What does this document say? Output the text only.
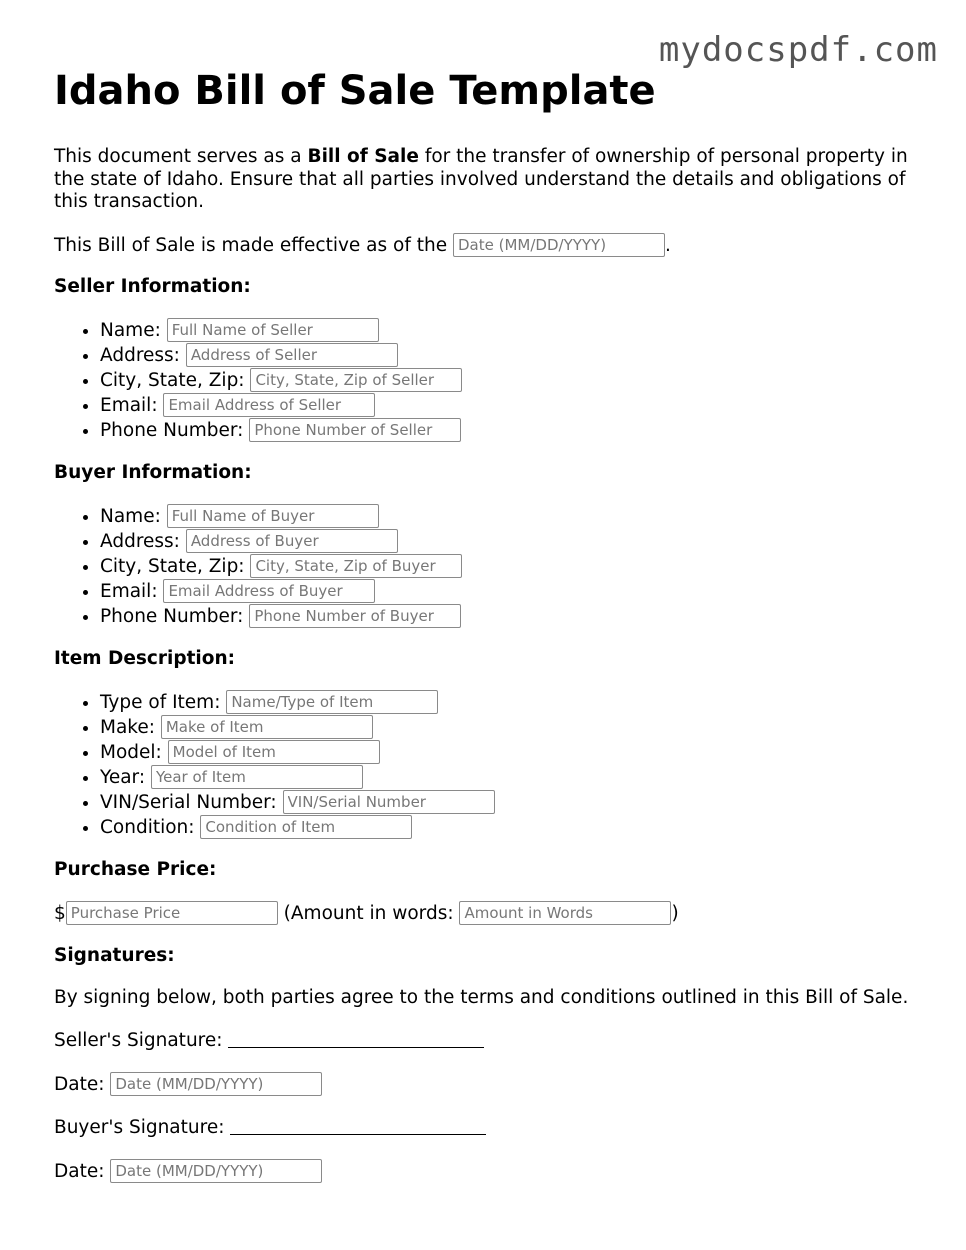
mydocspdf.com
Idaho Bill of Sale Template

This document serves as a Bill of Sale for the transfer of ownership of personal property in the state of Idaho. Ensure that all parties involved understand the details and obligations of this transaction.

This Bill of Sale is made effective as of the Date (MM/DD/YYYY)	.

Seller Information:
• Name: Full Name of Seller
• Address: Address of Seller
• City, State, Zip: City, State, Zip of Seller
• Email: Email Address of Seller
• Phone Number: Phone Number of Seller
Buyer Information:
• Name: Full Name of Buyer
• Address: Address of Buyer
• City, State, Zip: City, State, Zip of Buyer
• Email: Email Address of Buyer
• Phone Number: Phone Number of Buyer
Item Description:
• Type of Item: Name/Type of Item
• Make: Make of Item
• Model: Model of Item
• Year: Year of Item
• VIN/Serial Number: VIN/Serial Number
• Condition: Condition of Item
Purchase Price:
$Purchase Price	(Amount in words: Amount in Words	)
Signatures:

By signing below, both parties agree to the terms and conditions outlined in this Bill of Sale.

Seller's Signature:
Date: Date (MM/DD/YYYY)
Buyer's Signature:
Date: Date (MM/DD/YYYY)
